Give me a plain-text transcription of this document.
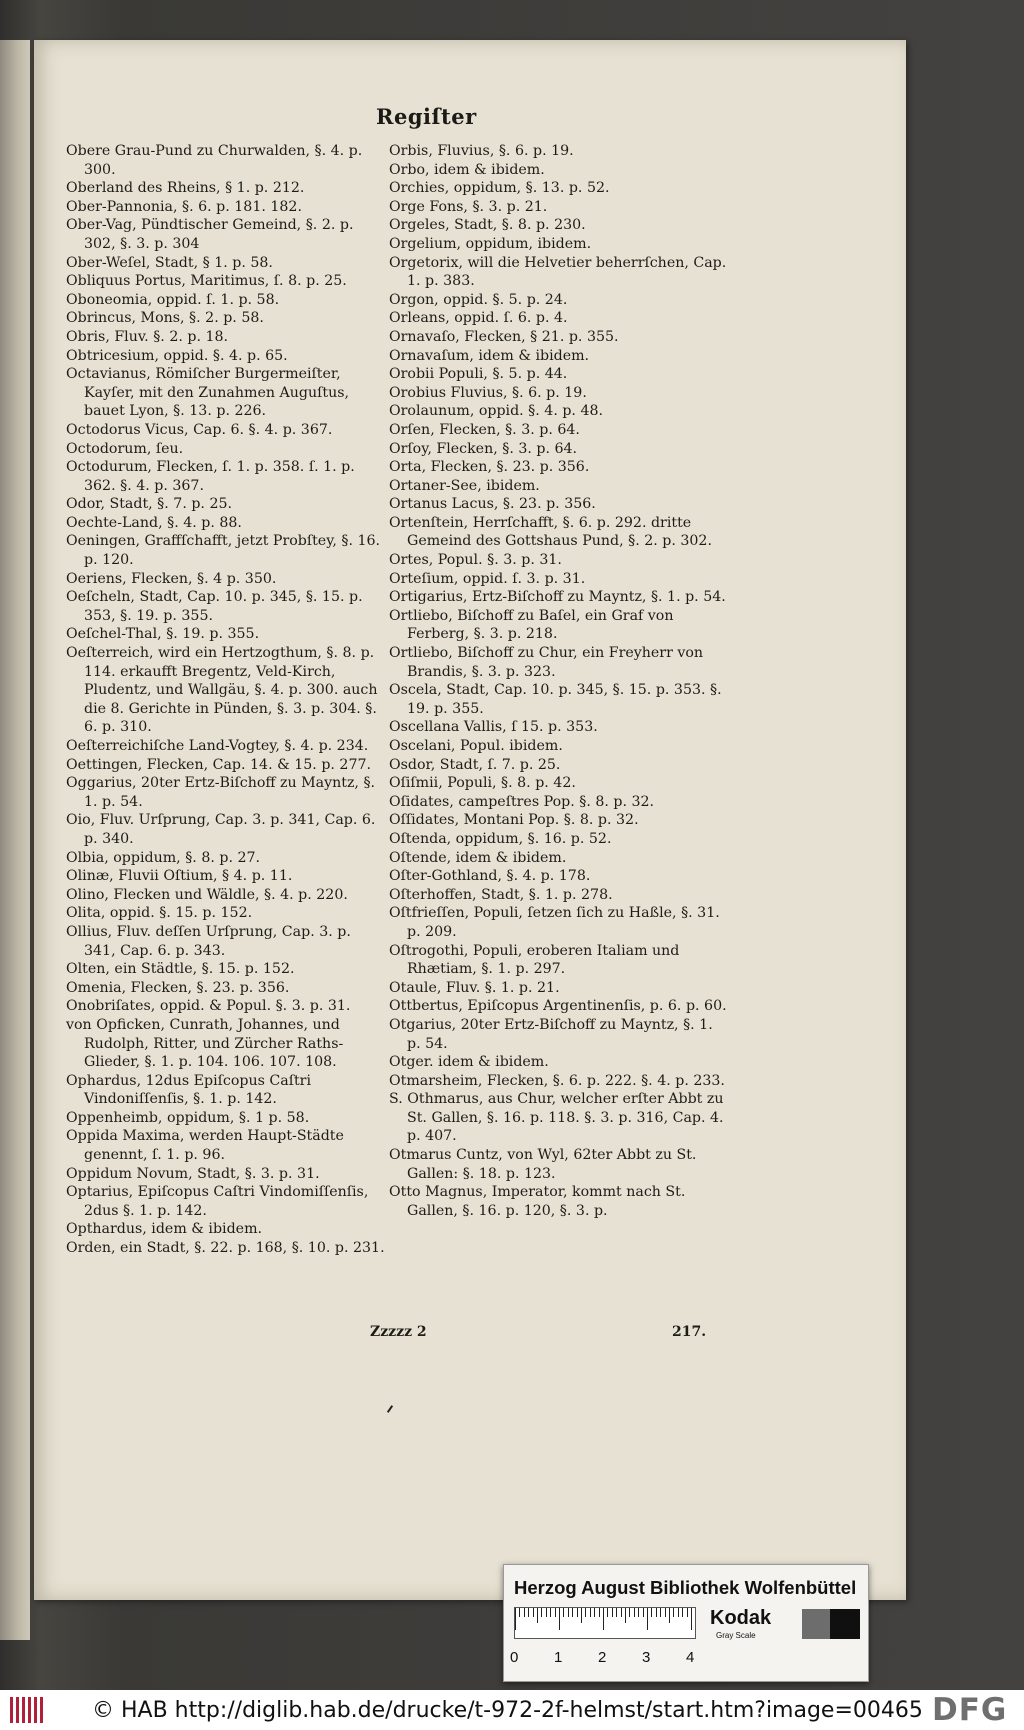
Regiſter

Obere Grau-Pund zu Churwalden, §. 4. p. 300.

Oberland des Rheins, § 1. p. 212.

Ober-Pannonia, §. 6. p. 181. 182.

Ober-Vag, Pündtischer Gemeind, §. 2. p. 302, §. 3. p. 304

Ober-Weſel, Stadt, § 1. p. 58.

Obliquus Portus, Maritimus, ſ. 8. p. 25.

Oboneomia, oppid. ſ. 1. p. 58.

Obrincus, Mons, §. 2. p. 58.

Obris, Fluv. §. 2. p. 18.

Obtricesium, oppid. §. 4. p. 65.

Octavianus, Römiſcher Burgermeiſter, Kayſer, mit den Zunahmen Auguſtus, bauet Lyon, §. 13. p. 226.

Octodorus Vicus, Cap. 6. §. 4. p. 367.

Octodorum, ſeu.

Octodurum, Flecken, ſ. 1. p. 358. ſ. 1. p. 362. §. 4. p. 367.

Odor, Stadt, §. 7. p. 25.

Oechte-Land, §. 4. p. 88.

Oeningen, Graffſchafft, jetzt Probſtey, §. 16. p. 120.

Oeriens, Flecken, §. 4 p. 350.

Oeſcheln, Stadt, Cap. 10. p. 345, §. 15. p. 353, §. 19. p. 355.

Oeſchel-Thal, §. 19. p. 355.

Oeſterreich, wird ein Hertzogthum, §. 8. p. 114. erkaufft Bregentz, Veld-Kirch, Pludentz, und Wallgäu, §. 4. p. 300. auch die 8. Gerichte in Pünden, §. 3. p. 304. §. 6. p. 310.

Oeſterreichiſche Land-Vogtey, §. 4. p. 234.

Oettingen, Flecken, Cap. 14. & 15. p. 277.

Oggarius, 20ter Ertz-Biſchoff zu Mayntz, §. 1. p. 54.

Oio, Fluv. Urſprung, Cap. 3. p. 341, Cap. 6. p. 340.

Olbia, oppidum, §. 8. p. 27.

Olinæ, Fluvii Oſtium, § 4. p. 11.

Olino, Flecken und Wäldle, §. 4. p. 220.

Olita, oppid. §. 15. p. 152.

Ollius, Fluv. deſſen Urſprung, Cap. 3. p. 341, Cap. 6. p. 343.

Olten, ein Städtle, §. 15. p. 152.

Omenia, Flecken, §. 23. p. 356.

Onobriſates, oppid. & Popul. §. 3. p. 31.

von Opficken, Cunrath, Johannes, und Rudolph, Ritter, und Zürcher Raths-Glieder, §. 1. p. 104. 106. 107. 108.

Ophardus, 12dus Epiſcopus Caſtri Vindoniſſenſis, §. 1. p. 142.

Oppenheimb, oppidum, §. 1 p. 58.

Oppida Maxima, werden Haupt-Städte genennt, ſ. 1. p. 96.

Oppidum Novum, Stadt, §. 3. p. 31.

Optarius, Epiſcopus Caſtri Vindomiſſenſis, 2dus §. 1. p. 142.

Opthardus, idem & ibidem.

Orden, ein Stadt, §. 22. p. 168, §. 10. p. 231.

Orbis, Fluvius, §. 6. p. 19.

Orbo, idem & ibidem.

Orchies, oppidum, §. 13. p. 52.

Orge Fons, §. 3. p. 21.

Orgeles, Stadt, §. 8. p. 230.

Orgelium, oppidum, ibidem.

Orgetorix, will die Helvetier beherrſchen, Cap. 1. p. 383.

Orgon, oppid. §. 5. p. 24.

Orleans, oppid. ſ. 6. p. 4.

Ornavaſo, Flecken, § 21. p. 355.

Ornavaſum, idem & ibidem.

Orobii Populi, §. 5. p. 44.

Orobius Fluvius, §. 6. p. 19.

Orolaunum, oppid. §. 4. p. 48.

Orſen, Flecken, §. 3. p. 64.

Orſoy, Flecken, §. 3. p. 64.

Orta, Flecken, §. 23. p. 356.

Ortaner-See, ibidem.

Ortanus Lacus, §. 23. p. 356.

Ortenſtein, Herrſchafft, §. 6. p. 292. dritte Gemeind des Gottshaus Pund, §. 2. p. 302.

Ortes, Popul. §. 3. p. 31.

Orteſium, oppid. ſ. 3. p. 31.

Ortigarius, Ertz-Biſchoff zu Mayntz, §. 1. p. 54.

Ortliebo, Biſchoff zu Baſel, ein Graf von Ferberg, §. 3. p. 218.

Ortliebo, Biſchoff zu Chur, ein Freyherr von Brandis, §. 3. p. 323.

Oscela, Stadt, Cap. 10. p. 345, §. 15. p. 353. §. 19. p. 355.

Oscellana Vallis, ſ 15. p. 353.

Oscelani, Popul. ibidem.

Osdor, Stadt, ſ. 7. p. 25.

Oſiſmii, Populi, §. 8. p. 42.

Oſidates, campeſtres Pop. §. 8. p. 32.

Oſſidates, Montani Pop. §. 8. p. 32.

Oſtenda, oppidum, §. 16. p. 52.

Oſtende, idem & ibidem.

Oſter-Gothland, §. 4. p. 178.

Oſterhoffen, Stadt, §. 1. p. 278.

Oſtfrieſſen, Populi, ſetzen ſich zu Haßle, §. 31. p. 209.

Oſtrogothi, Populi, eroberen Italiam und Rhætiam, §. 1. p. 297.

Otaule, Fluv. §. 1. p. 21.

Ottbertus, Epiſcopus Argentinenſis, p. 6. p. 60.

Otgarius, 20ter Ertz-Biſchoff zu Mayntz, §. 1. p. 54.

Otger. idem & ibidem.

Otmarsheim, Flecken, §. 6. p. 222. §. 4. p. 233.

S. Othmarus, aus Chur, welcher erſter Abbt zu St. Gallen, §. 16. p. 118. §. 3. p. 316, Cap. 4. p. 407.

Otmarus Cuntz, von Wyl, 62ter Abbt zu St. Gallen: §. 18. p. 123.

Otto Magnus, Imperator, kommt nach St. Gallen, §. 16. p. 120, §. 3. p.

Zzzzz 2	217.
Herzog August Bibliothek Wolfenbüttel
0 1 2 3 4
Kodak
Gray Scale
© HAB http://diglib.hab.de/drucke/t-972-2f-helmst/start.htm?image=00465 DFG
